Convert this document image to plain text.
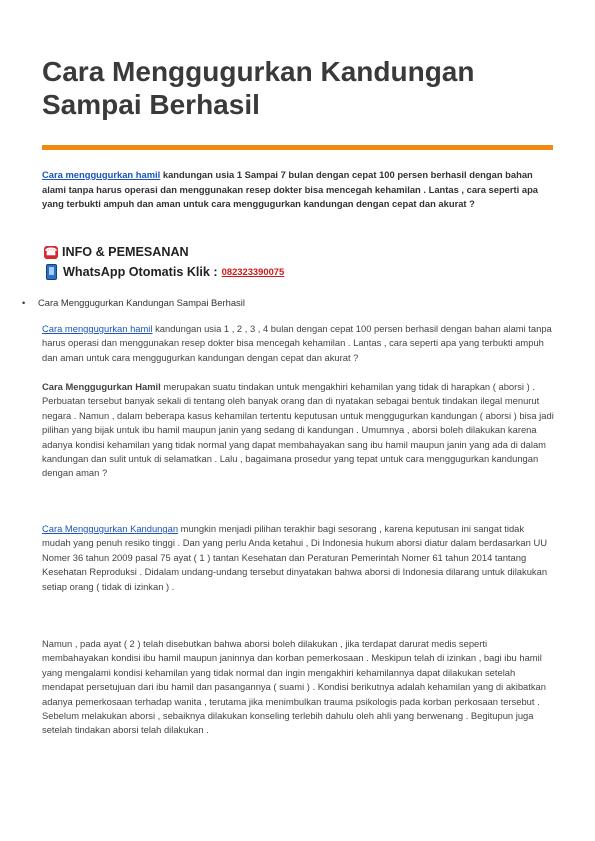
Cara Menggugurkan Kandungan Sampai Berhasil

Cara menggugurkan hamil kandungan usia 1 Sampai 7 bulan dengan cepat 100 persen berhasil dengan bahan alami tanpa harus operasi dan menggunakan resep dokter bisa mencegah kehamilan . Lantas , cara seperti apa yang terbukti ampuh dan aman untuk cara menggugurkan kandungan dengan cepat dan akurat ?

☎ INFO & PEMESANAN
WhatsApp Otomatis Klik : 082323390075
• Cara Menggugurkan Kandungan Sampai Berhasil

Cara menggugurkan hamil kandungan usia 1 , 2 , 3 , 4 bulan dengan cepat 100 persen berhasil dengan bahan alami tanpa harus operasi dan menggunakan resep dokter bisa mencegah kehamilan . Lantas , cara seperti apa yang terbukti ampuh dan aman untuk cara menggugurkan kandungan dengan cepat dan akurat ?

Cara Menggugurkan Hamil merupakan suatu tindakan untuk mengakhiri kehamilan yang tidak di harapkan ( aborsi ) . Perbuatan tersebut banyak sekali di tentang oleh banyak orang dan di nyatakan sebagai bentuk tindakan ilegal menurut negara . Namun , dalam beberapa kasus kehamilan tertentu keputusan untuk menggugurkan kandungan ( aborsi ) bisa jadi pilihan yang bijak untuk ibu hamil maupun janin yang sedang di kandungan . Umumnya , aborsi boleh dilakukan karena adanya kondisi kehamilan yang tidak normal yang dapat membahayakan sang ibu hamil maupun janin yang ada di dalam kandungan dan sulit untuk di selamatkan . Lalu , bagaimana prosedur yang tepat untuk cara menggugurkan kandungan dengan aman ?

Cara Menggugurkan Kandungan mungkin menjadi pilihan terakhir bagi sesorang , karena keputusan ini sangat tidak mudah yang penuh resiko tinggi . Dan yang perlu Anda ketahui , Di Indonesia hukum aborsi diatur dalam berdasarkan UU Nomer 36 tahun 2009 pasal 75 ayat ( 1 ) tantan Kesehatan dan Peraturan Pemerintah Nomer 61 tahun 2014 tantang Kesehatan Reproduksi . Didalam undang-undang tersebut dinyatakan bahwa aborsi di Indonesia dilarang untuk dilakukan setiap orang ( tidak di izinkan ) .

Namun , pada ayat ( 2 ) telah disebutkan bahwa aborsi boleh dilakukan , jika terdapat darurat medis seperti membahayakan kondisi ibu hamil maupun janinnya dan korban pemerkosaan . Meskipun telah di izinkan , bagi ibu hamil yang mengalami kondisi kehamilan yang tidak normal dan ingin mengakhiri kehamilannya dapat dilakukan setelah mendapat persetujuan dari ibu hamil dan pasangannya ( suami ) . Kondisi berikutnya adalah kehamilan yang di akibatkan adanya pemerkosaan terhadap wanita , terutama jika menimbulkan trauma psikologis pada korban perkosaan tersebut . Sebelum melakukan aborsi , sebaiknya dilakukan konseling terlebih dahulu oleh ahli yang berwenang . Begitupun juga setelah tindakan aborsi telah dilakukan .
